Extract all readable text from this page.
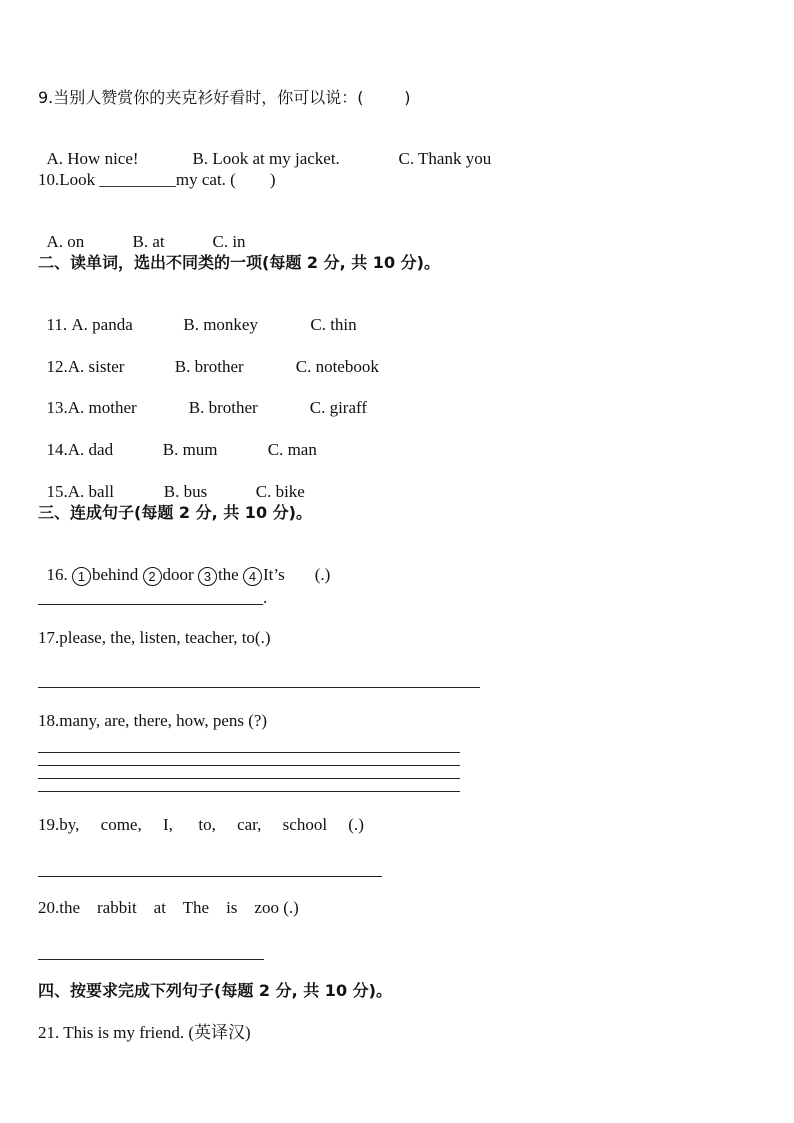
9.当别人赞赏你的夹克衫好看时，你可以说：(        )

A. How nice!	B. Look at my jacket.	C. Thank you

10.Look _________my cat. (        )

A. on	B. at	C. in

二、读单词，选出不同类的一项(每题 2 分, 共 10 分)。

11. A. panda	B. monkey	C. thin

12.A. sister	B. brother	C. notebook

13.A. mother	B. brother	C. giraff

14.A. dad	B. mum	C. man

15.A. ball	B. bus	C. bike

三、连成句子(每题 2 分, 共 10 分)。

16. 1 behind 2 door 3 the 4 It’s (.)

.
17.please, the, listen, teacher, to(.)
18.many, are, there, how, pens (?)
19.by,     come,     I,      to,     car,     school     (.)
20.the    rabbit    at    The    is    zoo (.)
四、按要求完成下列句子(每题 2 分, 共 10 分)。
21. This is my friend. (英译汉)
